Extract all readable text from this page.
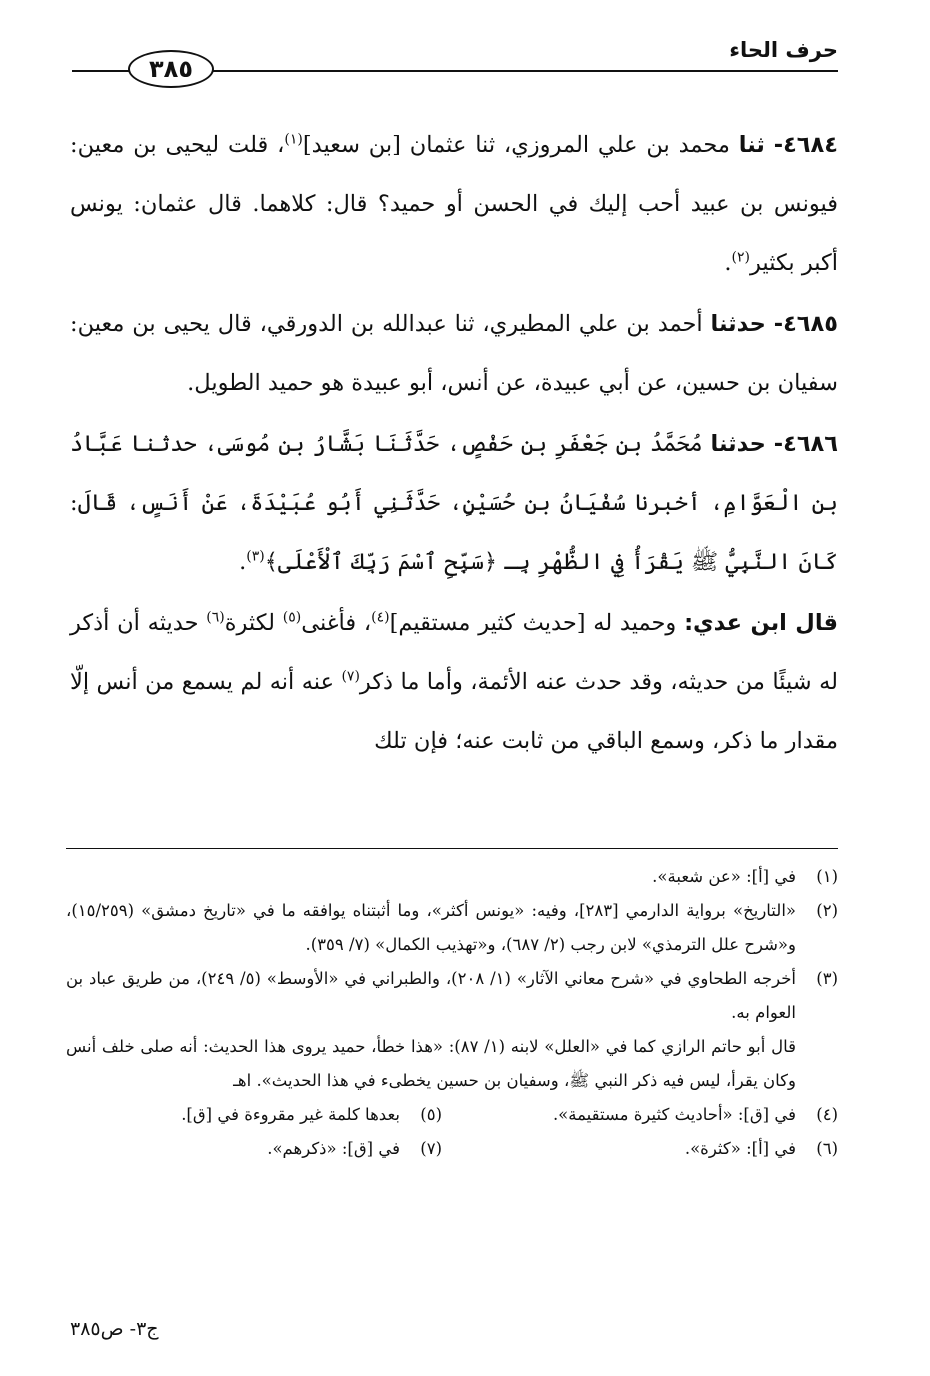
حرف الحاء
٣٨٥

٤٦٨٤- ثنا محمد بن علي المروزي، ثنا عثمان [بن سعيد]$^{(١)}$، قلت ليحيى بن معين: فيونس بن عبيد أحب إليك في الحسن أو حميد؟ قال: كلاهما. قال عثمان: يونس أكبر بكثير$^{(٢)}$.

٤٦٨٥- حدثنا أحمد بن علي المطيري، ثنا عبدالله بن الدورقي، قال يحيى بن معين: سفيان بن حسين، عن أبي عبيدة، عن أنس، أبو عبيدة هو حميد الطويل.

٤٦٨٦- حدثنا مُحَمَّدُ بن جَعْفَرِ بن حَفْصٍ، حَدَّثَنَا بَشَّارُ بن مُوسَى، حدثنا عَبَّادُ بن الْعَوَّامِ، أخبرنا سُفْيَانُ بن حُسَيْنٍ، حَدَّثَنِي أَبُو عُبَيْدَةَ، عَنْ أَنَسٍ، قَالَ: كَانَ النَّبِيُّ ﷺ يَقْرَأُ فِي الظُّهْرِ بِـ ﴿سَبِّحِ ٱسْمَ رَبِّكَ ٱلْأَعْلَى﴾$^{(٣)}$.

قال ابن عدي: وحميد له [حديث كثير مستقيم]$^{(٤)}$، فأغنى$^{(٥)}$ لكثرة$^{(٦)}$ حديثه أن أذكر له شيئًا من حديثه، وقد حدث عنه الأئمة، وأما ما ذكر$^{(٧)}$ عنه أنه لم يسمع من أنس إلّا مقدار ما ذكر، وسمع الباقي من ثابت عنه؛ فإن تلك

(١)
في [أ]: «عن شعبة».
(٢)
«التاريخ» برواية الدارمي [٢٨٣]، وفيه: «يونس أكثر»، وما أثبتناه يوافقه ما في «تاريخ دمشق» (١٥/٢٥٩)، و«شرح علل الترمذي» لابن رجب (٢/ ٦٨٧)، و«تهذيب الكمال» (٧/ ٣٥٩).
(٣)
أخرجه الطحاوي في «شرح معاني الآثار» (١/ ٢٠٨)، والطبراني في «الأوسط» (٥/ ٢٤٩)، من طريق عباد بن العوام به.
قال أبو حاتم الرازي كما في «العلل» لابنه (١/ ٨٧): «هذا خطأ، حميد يروى هذا الحديث: أنه صلى خلف أنس وكان يقرأ، ليس فيه ذكر النبي ﷺ، وسفيان بن حسين يخطىء في هذا الحديث». اهـ
(٤)
في [ق]: «أحاديث كثيرة مستقيمة».
(٥)
بعدها كلمة غير مقروءة في [ق].
(٦)
في [أ]: «كثرة».
(٧)
في [ق]: «ذكرهم».
ج٣- ص٣٨٥
